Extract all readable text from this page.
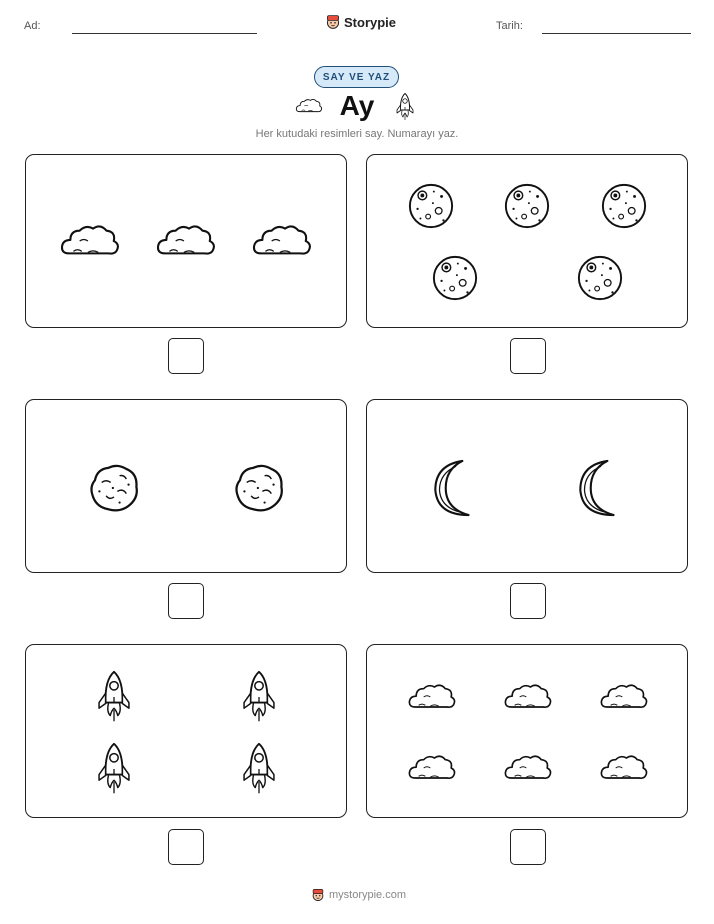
Ad:	Storypie	Tarih:
SAY VE YAZ
Ay
Her kutudaki resimleri say. Numarayı yaz.
mystorypie.com
